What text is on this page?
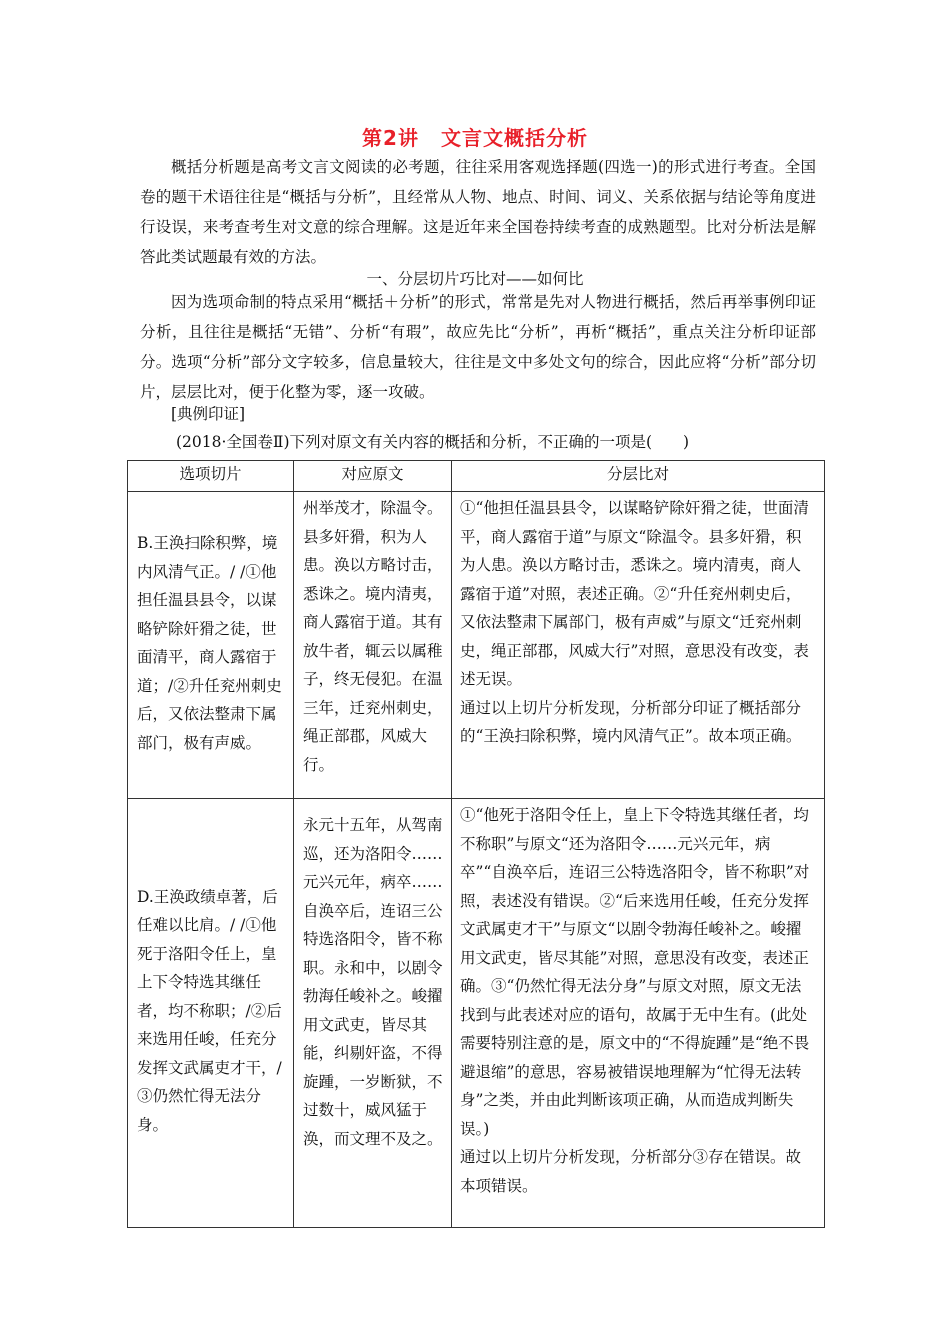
第2讲 文言文概括分析
概括分析题是高考文言文阅读的必考题，往往采用客观选择题(四选一)的形式进行考查。全国卷的题干术语往往是“概括与分析”，且经常从人物、地点、时间、词义、关系依据与结论等角度进行设误，来考查考生对文意的综合理解。这是近年来全国卷持续考查的成熟题型。比对分析法是解答此类试题最有效的方法。
一、分层切片巧比对——如何比
因为选项命制的特点采用“概括＋分析”的形式，常常是先对人物进行概括，然后再举事例印证分析，且往往是概括“无错”、分析“有瑕”，故应先比“分析”，再析“概括”，重点关注分析印证部分。选项“分析”部分文字较多，信息量较大，往往是文中多处文句的综合，因此应将“分析”部分切片，层层比对，便于化整为零，逐一攻破。
[典例印证]
(2018·全国卷Ⅱ)下列对原文有关内容的概括和分析，不正确的一项是(　　)
选项切片	对应原文	分层比对

B.王涣扫除积弊，境内风清气正。/ /①他担任温县县令，以谋略铲除奸猾之徒，世面清平，商人露宿于道；/②升任兖州刺史后，又依法整肃下属部门，极有声威。	州举茂才，除温令。县多奸猾，积为人患。涣以方略讨击，悉诛之。境内清夷，商人露宿于道。其有放牛者，辄云以属稚子，终无侵犯。在温三年，迁兖州刺史，绳正部郡，风威大行。	①“他担任温县县令，以谋略铲除奸猾之徒，世面清平，商人露宿于道”与原文“除温令。县多奸猾，积为人患。涣以方略讨击，悉诛之。境内清夷，商人露宿于道”对照，表述正确。②“升任兖州刺史后，又依法整肃下属部门，极有声威”与原文“迁兖州刺史，绳正部郡，风威大行”对照，意思没有改变，表述无误。
通过以上切片分析发现，分析部分印证了概括部分的“王涣扫除积弊，境内风清气正”。故本项正确。

D.王涣政绩卓著，后任难以比肩。/ /①他死于洛阳令任上，皇上下令特选其继任者，均不称职；/②后来选用任峻，任充分发挥文武属吏才干，/③仍然忙得无法分身。	永元十五年，从驾南巡，还为洛阳令……元兴元年，病卒……自涣卒后，连诏三公特选洛阳令，皆不称职。永和中，以剧令勃海任峻补之。峻擢用文武吏，皆尽其能，纠剔奸盗，不得旋踵，一岁断狱，不过数十，威风猛于涣，而文理不及之。	①“他死于洛阳令任上，皇上下令特选其继任者，均不称职”与原文“还为洛阳令……元兴元年，病卒”“自涣卒后，连诏三公特选洛阳令，皆不称职”对照，表述没有错误。②“后来选用任峻，任充分发挥文武属吏才干”与原文“以剧令勃海任峻补之。峻擢用文武吏，皆尽其能”对照，意思没有改变，表述正确。③“仍然忙得无法分身”与原文对照，原文无法找到与此表述对应的语句，故属于无中生有。(此处需要特别注意的是，原文中的“不得旋踵”是“绝不畏避退缩”的意思，容易被错误地理解为“忙得无法转身”之类，并由此判断该项正确，从而造成判断失误。)
通过以上切片分析发现，分析部分③存在错误。故本项错误。
